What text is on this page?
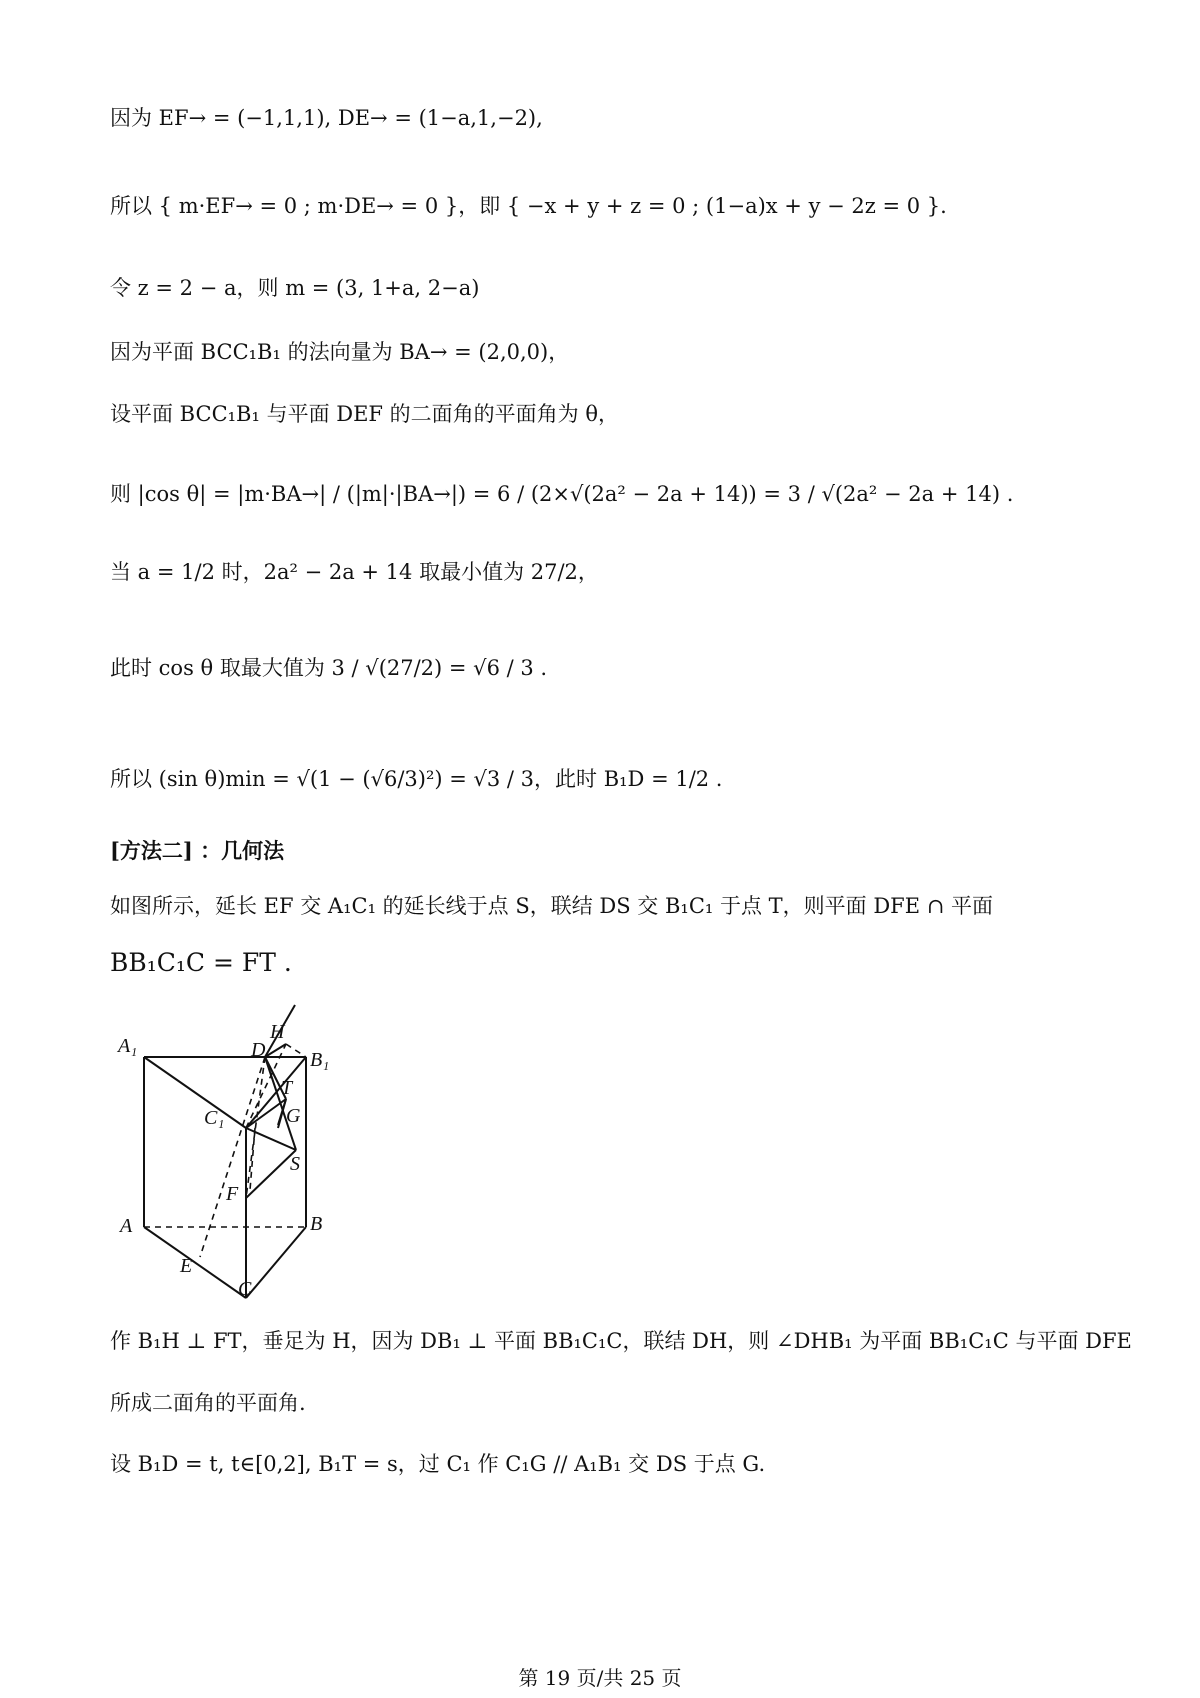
因为 EF→ = (−1,1,1), DE→ = (1−a,1,−2),
所以 { m·EF→ = 0 ; m·DE→ = 0 }，即 { −x + y + z = 0 ; (1−a)x + y − 2z = 0 }.
令 z = 2 − a，则 m = (3, 1+a, 2−a)
因为平面 BCC₁B₁ 的法向量为 BA→ = (2,0,0)，
设平面 BCC₁B₁ 与平面 DEF 的二面角的平面角为 θ，
则 |cos θ| = |m·BA→| / (|m|·|BA→|) = 6 / (2×√(2a² − 2a + 14)) = 3 / √(2a² − 2a + 14) .
当 a = 1/2 时，2a² − 2a + 14 取最小值为 27/2，
此时 cos θ 取最大值为 3 / √(27/2) = √6 / 3 .
所以 (sin θ)min = √(1 − (√6/3)²) = √3 / 3，此时 B₁D = 1/2 .
[方法二] ：几何法
如图所示，延长 EF 交 A₁C₁ 的延长线于点 S，联结 DS 交 B₁C₁ 于点 T，则平面 DFE ∩ 平面
BB₁C₁C = FT .
A₁	D
H
B₁
T
G
C₁
S
F
A	B
E
C
作 B₁H ⊥ FT，垂足为 H，因为 DB₁ ⊥ 平面 BB₁C₁C，联结 DH，则 ∠DHB₁ 为平面 BB₁C₁C 与平面 DFE
所成二面角的平面角.
设 B₁D = t, t∈[0,2], B₁T = s，过 C₁ 作 C₁G // A₁B₁ 交 DS 于点 G.
第 19 页/共 25 页
